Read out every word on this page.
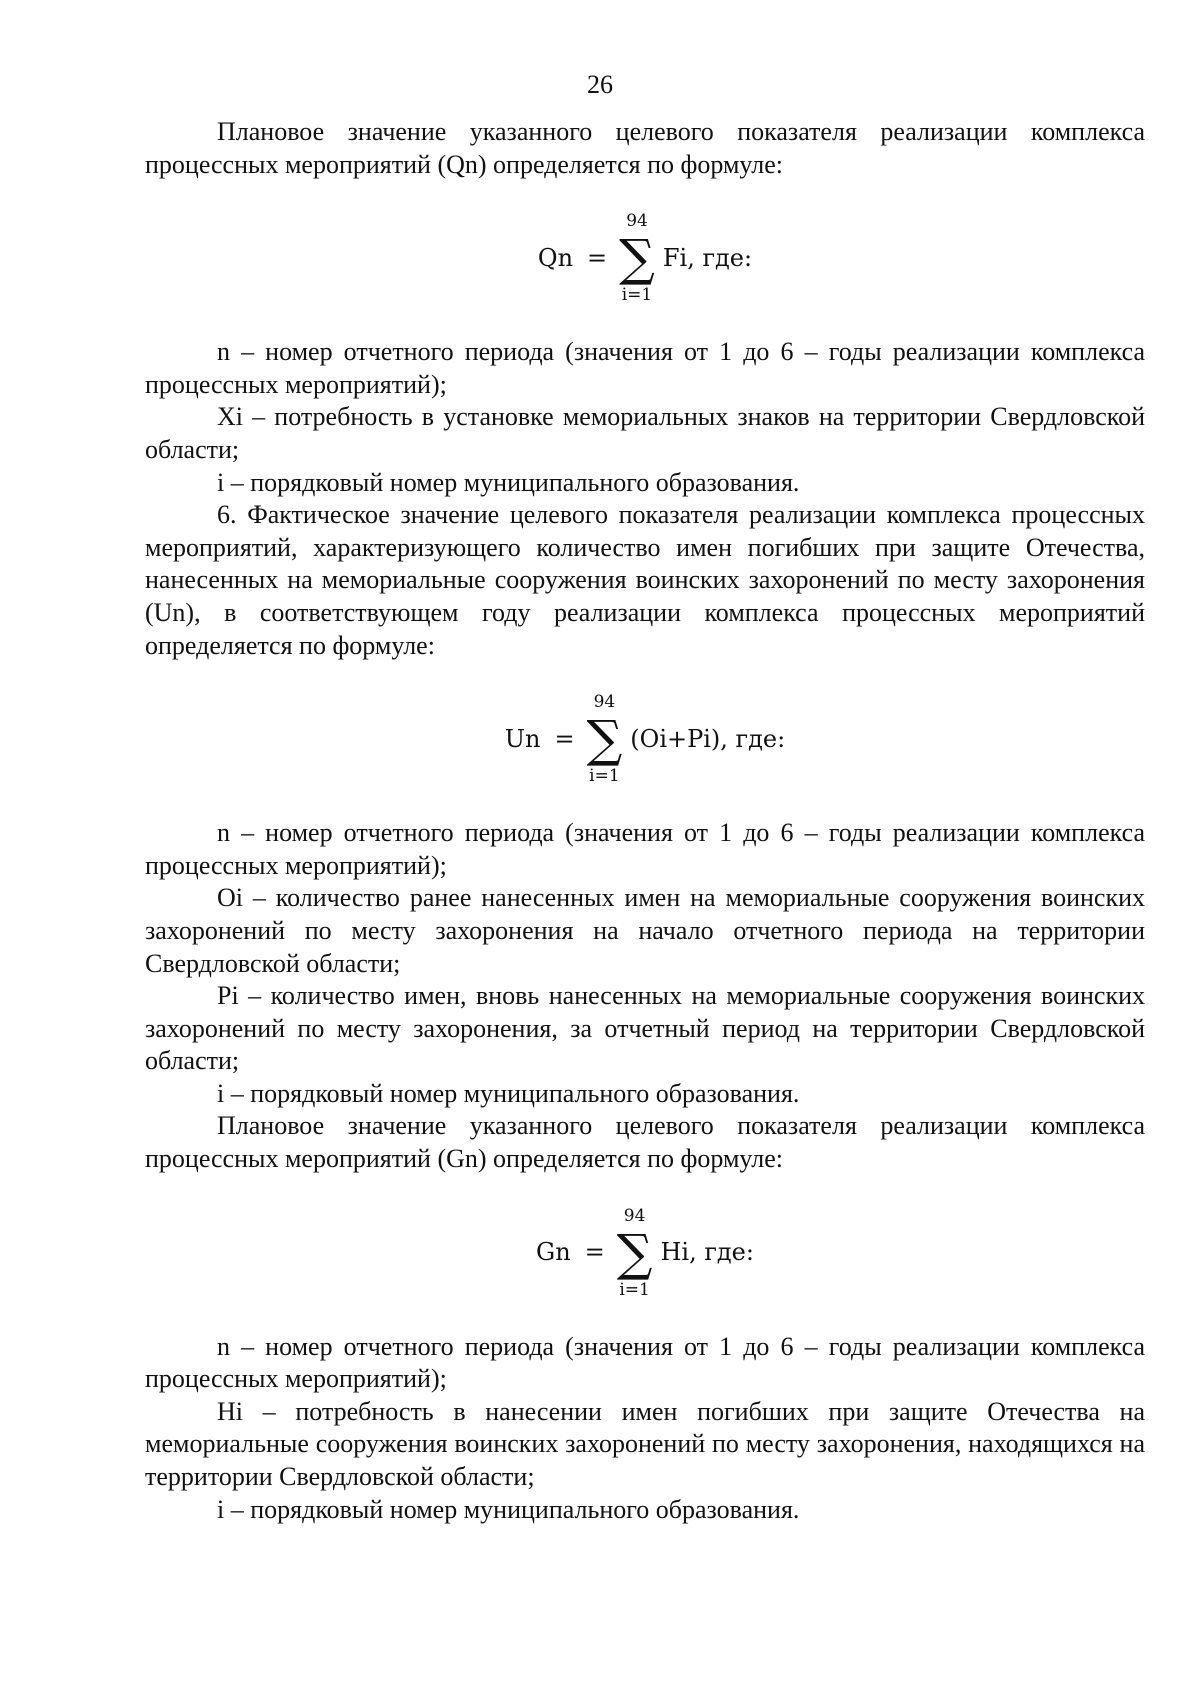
26

Плановое значение указанного целевого показателя реализации комплекса процессных мероприятий (Qn) определяется по формуле:

Qn =
94
∑
i=1
Fi, где:

n – номер отчетного периода (значения от 1 до 6 – годы реализации комплекса процессных мероприятий);

Xi – потребность в установке мемориальных знаков на территории Свердловской области;

i – порядковый номер муниципального образования.

6. Фактическое значение целевого показателя реализации комплекса процессных мероприятий, характеризующего количество имен погибших при защите Отечества, нанесенных на мемориальные сооружения воинских захоронений по месту захоронения (Un), в соответствующем году реализации комплекса процессных мероприятий определяется по формуле:

Un =
94
∑
i=1
(Oi+Pi), где:

n – номер отчетного периода (значения от 1 до 6 – годы реализации комплекса процессных мероприятий);

Oi – количество ранее нанесенных имен на мемориальные сооружения воинских захоронений по месту захоронения на начало отчетного периода на территории Свердловской области;

Pi – количество имен, вновь нанесенных на мемориальные сооружения воинских захоронений по месту захоронения, за отчетный период на территории Свердловской области;

i – порядковый номер муниципального образования.

Плановое значение указанного целевого показателя реализации комплекса процессных мероприятий (Gn) определяется по формуле:

Gn =
94
∑
i=1
Hi, где:

n – номер отчетного периода (значения от 1 до 6 – годы реализации комплекса процессных мероприятий);

Hi – потребность в нанесении имен погибших при защите Отечества на мемориальные сооружения воинских захоронений по месту захоронения, находящихся на территории Свердловской области;

i – порядковый номер муниципального образования.
